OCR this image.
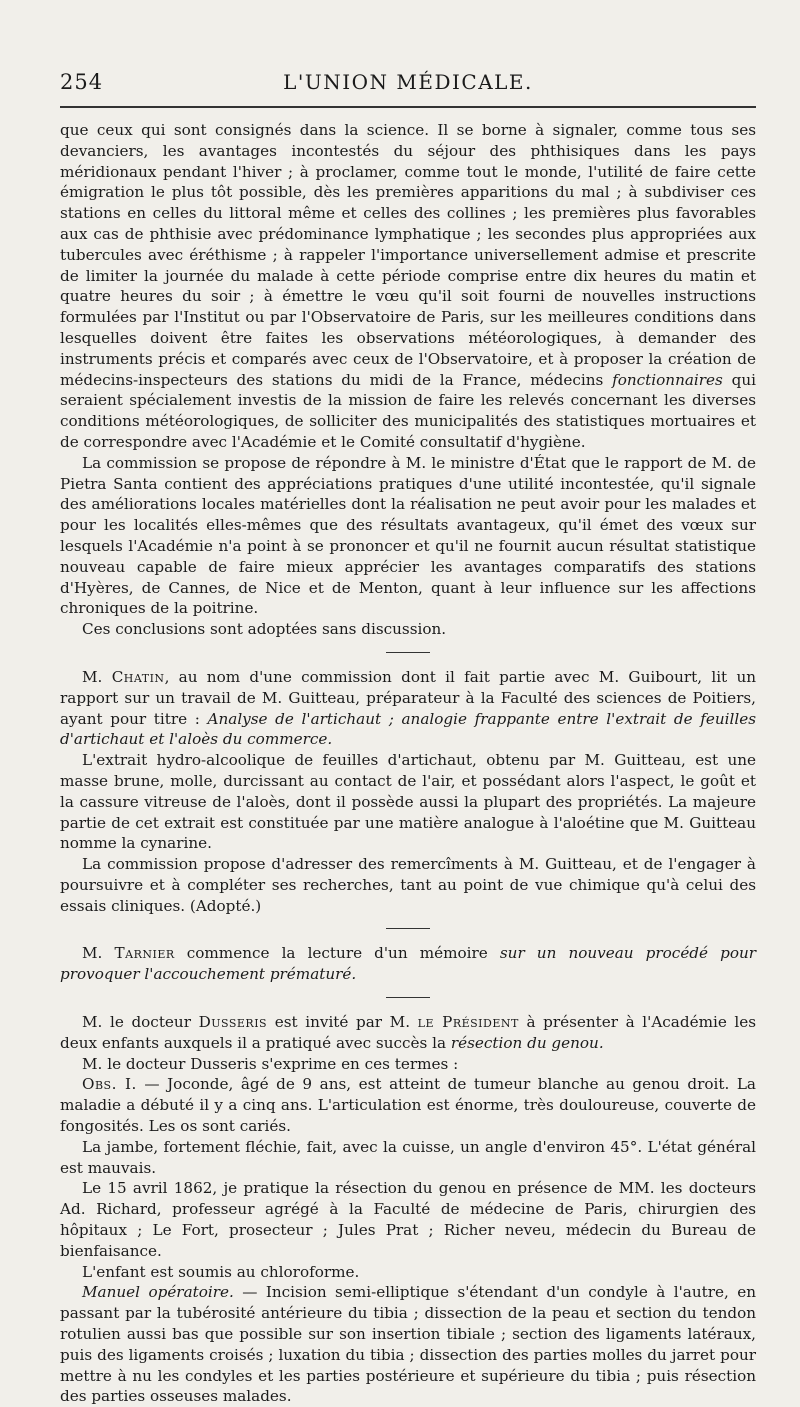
254	L'UNION MÉDICALE.

que ceux qui sont consignés dans la science. Il se borne à signaler, comme tous ses devanciers, les avantages incontestés du séjour des phthisiques dans les pays méridionaux pendant l'hiver ; à proclamer, comme tout le monde, l'utilité de faire cette émigration le plus tôt possible, dès les premières apparitions du mal ; à subdiviser ces stations en celles du littoral même et celles des collines ; les premières plus favorables aux cas de phthisie avec prédominance lymphatique ; les secondes plus appropriées aux tubercules avec éréthisme ; à rappeler l'importance universellement admise et prescrite de limiter la journée du malade à cette période comprise entre dix heures du matin et quatre heures du soir ; à émettre le vœu qu'il soit fourni de nouvelles instructions formulées par l'Institut ou par l'Observatoire de Paris, sur les meilleures conditions dans lesquelles doivent être faites les observations météorologiques, à demander des instruments précis et comparés avec ceux de l'Observatoire, et à proposer la création de médecins-inspecteurs des stations du midi de la France, médecins fonctionnaires qui seraient spécialement investis de la mission de faire les relevés concernant les diverses conditions météorologiques, de solliciter des municipalités des statistiques mortuaires et de correspondre avec l'Académie et le Comité consultatif d'hygiène.

La commission se propose de répondre à M. le ministre d'État que le rapport de M. de Pietra Santa contient des appréciations pratiques d'une utilité incontestée, qu'il signale des améliorations locales matérielles dont la réalisation ne peut avoir pour les malades et pour les localités elles-mêmes que des résultats avantageux, qu'il émet des vœux sur lesquels l'Académie n'a point à se prononcer et qu'il ne fournit aucun résultat statistique nouveau capable de faire mieux apprécier les avantages comparatifs des stations d'Hyères, de Cannes, de Nice et de Menton, quant à leur influence sur les affections chroniques de la poitrine.

Ces conclusions sont adoptées sans discussion.

M. Chatin, au nom d'une commission dont il fait partie avec M. Guibourt, lit un rapport sur un travail de M. Guitteau, préparateur à la Faculté des sciences de Poitiers, ayant pour titre : Analyse de l'artichaut ; analogie frappante entre l'extrait de feuilles d'artichaut et l'aloès du commerce.

L'extrait hydro-alcoolique de feuilles d'artichaut, obtenu par M. Guitteau, est une masse brune, molle, durcissant au contact de l'air, et possédant alors l'aspect, le goût et la cassure vitreuse de l'aloès, dont il possède aussi la plupart des propriétés. La majeure partie de cet extrait est constituée par une matière analogue à l'aloétine que M. Guitteau nomme la cynarine.

La commission propose d'adresser des remercîments à M. Guitteau, et de l'engager à poursuivre et à compléter ses recherches, tant au point de vue chimique qu'à celui des essais cliniques. (Adopté.)

M. Tarnier commence la lecture d'un mémoire sur un nouveau procédé pour provoquer l'accouchement prématuré.

M. le docteur Dusseris est invité par M. le Président à présenter à l'Académie les deux enfants auxquels il a pratiqué avec succès la résection du genou.

M. le docteur Dusseris s'exprime en ces termes :

Obs. I. — Joconde, âgé de 9 ans, est atteint de tumeur blanche au genou droit. La maladie a débuté il y a cinq ans. L'articulation est énorme, très douloureuse, couverte de fongosités. Les os sont cariés.

La jambe, fortement fléchie, fait, avec la cuisse, un angle d'environ 45°. L'état général est mauvais.

Le 15 avril 1862, je pratique la résection du genou en présence de MM. les docteurs Ad. Richard, professeur agrégé à la Faculté de médecine de Paris, chirurgien des hôpitaux ; Le Fort, prosecteur ; Jules Prat ; Richer neveu, médecin du Bureau de bienfaisance.

L'enfant est soumis au chloroforme.

Manuel opératoire. — Incision semi-elliptique s'étendant d'un condyle à l'autre, en passant par la tubérosité antérieure du tibia ; dissection de la peau et section du tendon rotulien aussi bas que possible sur son insertion tibiale ; section des ligaments latéraux, puis des ligaments croisés ; luxation du tibia ; dissection des parties molles du jarret pour mettre à nu les condyles et les parties postérieure et supérieure du tibia ; puis résection des parties osseuses malades.
